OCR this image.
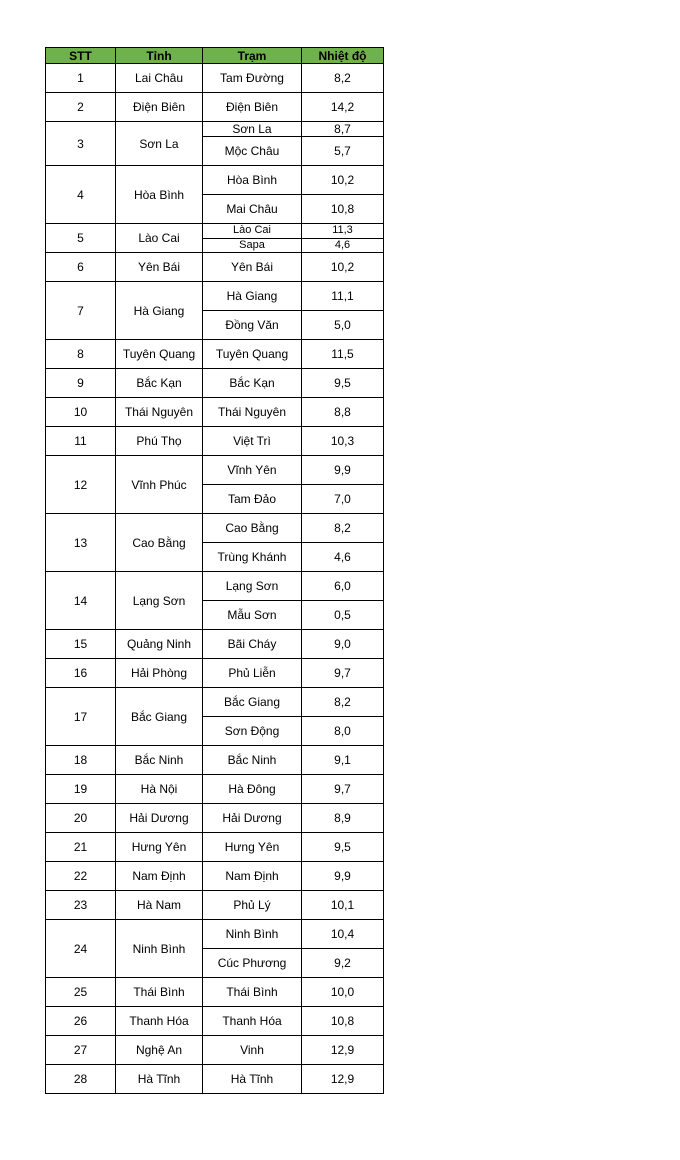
STT	Tỉnh	Trạm	Nhiệt độ
1	Lai Châu	Tam Đường	8,2
2	Điện Biên	Điện Biên	14,2
3	Sơn La	Sơn La	8,7
		Mộc Châu	5,7
4	Hòa Bình	Hòa Bình	10,2
		Mai Châu	10,8
5	Lào Cai	Lào Cai	11,3
		Sapa	4,6
6	Yên Bái	Yên Bái	10,2
7	Hà Giang	Hà Giang	11,1
		Đồng Văn	5,0
8	Tuyên Quang	Tuyên Quang	11,5
9	Bắc Kạn	Bắc Kạn	9,5
10	Thái Nguyên	Thái Nguyên	8,8
11	Phú Thọ	Việt Trì	10,3
12	Vĩnh Phúc	Vĩnh Yên	9,9
		Tam Đảo	7,0
13	Cao Bằng	Cao Bằng	8,2
		Trùng Khánh	4,6
14	Lạng Sơn	Lạng Sơn	6,0
		Mẫu Sơn	0,5
15	Quảng Ninh	Bãi Cháy	9,0
16	Hải Phòng	Phủ Liễn	9,7
17	Bắc Giang	Bắc Giang	8,2
		Sơn Động	8,0
18	Bắc Ninh	Bắc Ninh	9,1
19	Hà Nội	Hà Đông	9,7
20	Hải Dương	Hải Dương	8,9
21	Hưng Yên	Hưng Yên	9,5
22	Nam Định	Nam Định	9,9
23	Hà Nam	Phủ Lý	10,1
24	Ninh Bình	Ninh Bình	10,4
		Cúc Phương	9,2
25	Thái Bình	Thái Bình	10,0
26	Thanh Hóa	Thanh Hóa	10,8
27	Nghệ An	Vinh	12,9
28	Hà Tĩnh	Hà Tĩnh	12,9
